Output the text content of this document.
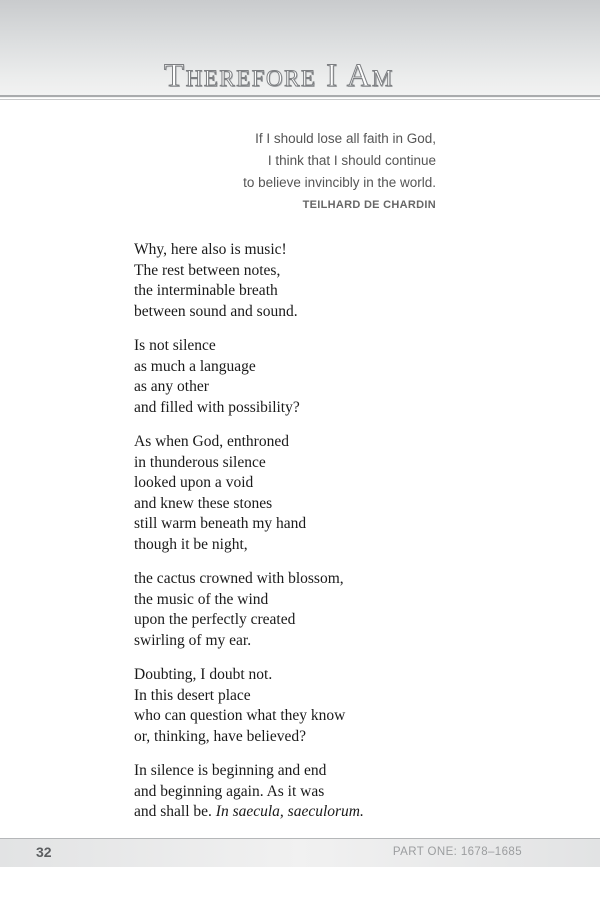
Therefore I Am
If I should lose all faith in God,
I think that I should continue
to believe invincibly in the world.
TEILHARD DE CHARDIN
Why, here also is music!
The rest between notes,
the interminable breath
between sound and sound.
Is not silence
as much a language
as any other
and filled with possibility?
As when God, enthroned
in thunderous silence
looked upon a void
and knew these stones
still warm beneath my hand
though it be night,
the cactus crowned with blossom,
the music of the wind
upon the perfectly created
swirling of my ear.
Doubting, I doubt not.
In this desert place
who can question what they know
or, thinking, have believed?
In silence is beginning and end
and beginning again. As it was
and shall be. In saecula, saeculorum.
32	PART ONE: 1678–1685
